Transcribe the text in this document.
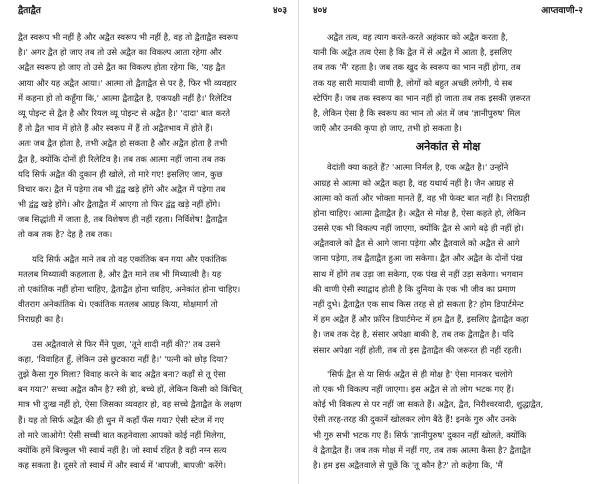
द्वैताद्वैत	४०३
द्वैत स्वरूप भी नहीं है और अद्वैत स्वरूप भी नहीं है, वह तो द्वैताद्वैत स्वरूप
है।' अगर द्वैत हो जाए तब तो उसे अद्वैत का विकल्प आता रहेगा और
अद्वैत स्वरूप हो जाए तो उसे द्वैत का विकल्प होता रहेगा कि, 'यह द्वैत
आया और यह अद्वैत आया।' आत्मा तो द्वैताद्वैत से पर है, फिर भी व्यवहार
में कहना हो तो कहूँगा कि,' आत्मा द्वैताद्वैत है, एकपक्षी नहीं है।' रिलेटिव
व्यू पोइन्ट से द्वैत है और रियल व्यू पोइन्ट से अद्वैत है।' 'दादा' बात करते
हैं तो द्वैत भाव में होते हैं और स्वरूप में हैं तो अद्वैतभाव में होते हैं।
अतः जब द्वैत होता है, तभी अद्वैत हो सकता है और अद्वैत होता है तभी
द्वैत है, क्योंकि दोनों ही रिलेटिव है। तब तक आत्मा नहीं जाना तब तक
यदि सिर्फ अद्वैत की दुकान ही खोले, तो मारे गए! इसलिए जान, कुछ
विचार कर। द्वैत में पड़ेगा तब भी द्वंद्व खड़े होंगे और अद्वैत में पड़ेगा तब
भी द्वंद्व खड़े होंगे। और द्वैताद्वैत में आएगा तो फिर द्वंद्व खड़े नहीं होंगे।
जब सिद्धांती में जाता है, तब विशेषण ही नहीं रहता। निर्विशेष! द्वैताद्वैत
तो कब तक है? देह है तब तक।
यदि सिर्फ अद्वैत माने तब तो वह एकांतिक बन गया और एकांतिक
मतलब मिथ्यात्वी कहलाता है, और द्वैत माने तब भी मिथ्यात्वी है। यह
तो एकांतिक नहीं होना चाहिए, द्वैताद्वैत होना चाहिए, अनेकांत होना चाहिए।
वीतराग अनेकांतिक थे। एकांतिक मतलब आग्रह किया, मोक्षमार्ग तो
निराग्रही का है।
उस अद्वैतवाले से फिर मैंने पूछा, 'तूने शादी नहीं की?' तब उसने
कहा, 'विवाहित हूँ, लेकिन उसे छुटकारा नहीं है।' 'पत्नी को छोड़ दिया?
तुझे कैसा गुरु मिला? विवाह करने के बाद अद्वैत बना? कहाँ से तू ऐसा
बन गया?' सच्चा अद्वैत कौन है? स्त्री हो, बच्चे हों, लेकिन किसी को किंचित्
मात्र भी दुःख नहीं हो, ऐसा जिसका व्यवहार हो, वह सच्चे द्वैताद्वैत के लक्षण
हैं। यह तो सिर्फ अद्वैत की ही धुन में कहाँ फँस गया? ऐसी स्टेज में गए
तो मारे जाओगे! ऐसी सच्ची बात कहनेवाला आपको कोई नहीं मिलेगा,
क्योंकि हमें बिल्कुल भी स्वार्थ नहीं है। जो स्वार्थ रहित है वही नग्न सत्य
कह सकता है। दूसरे तो स्वार्थ में और स्वार्थ में 'बापजी, बापजी' करेंगे।
४०४	आप्तवाणी-२
अद्वैत तत्व, वह त्याग करते-करते अहंकार को अद्वैत करता है,
यानी कि अद्वैत तत्व ऐसा है कि द्वैत में से अद्वैत में आता है, इसलिए
तब तक 'मैं' रहता है। जब तक खुद के स्वरूप का भान नहीं होगा, तब
तक यह सारी मायावी वाणी है, लोगों को बहुत अच्छी लगेगी, ये सब
स्टेपिंग हैं। जब तक स्वरूप का भान नहीं हो जाता तब तक इसकी ज़रूरत
है, लेकिन ऐसा है कि स्वरूप का भान तो अंत में जब 'ज्ञानीपुरुष' मिल
जाएँ और उनकी कृपा हो जाए, तभी हो सकता है।
अनेकांत से मोक्ष
वेदांती क्या कहते हैं? 'आत्मा निर्मल है, एक अद्वैत है।' उन्होंने
आग्रह से आत्मा को अद्वैत कहा है, वह यथार्थ नहीं है। जैन आग्रह से
आत्मा को कर्ता और भोक्ता मानते हैं, वह भी फेक्ट बात नहीं है। निराग्रही
होना चाहिए। आत्मा द्वैताद्वैत है। अद्वैत से मोक्ष है, ऐसा कहते हो, लेकिन
उससे एक भी विकल्प नहीं जाएगा, क्योंकि द्वैत से आगे बढ़े ही नहीं हो।
अद्वैतवाले को द्वैत से आगे जाना पड़ेगा और द्वैतवाले को अद्वैत से आगे
जाना पड़ेगा, तब द्वैताद्वैत हुआ जा सकेगा। द्वैत और अद्वैत के दोनों पंख
साथ में होंगे तब उड़ा जा सकेगा, एक पंख से नहीं उड़ा सकेगा। भगवान
की वाणी ऐसी स्याद्वाद होती है कि दुनिया के एक भी जीव का प्रमाण
नहीं दुभे। द्वैताद्वैत एक साथ किस तरह से हो सकता है? होम डिपार्टमेन्ट
में हम अद्वैत हैं और फ़ॉरेन डिपार्टमेन्ट में हम द्वैत हैं, इसलिए द्वैताद्वैत कहा
है। जब तक देह है, संसार अपेक्षा बाकी है, तब तक द्वैताद्वैत है। यदि
संसार अपेक्षा नहीं होती, तब तो इस द्वैताद्वैत की जरूरत ही नहीं रहती।
'सिर्फ द्वैत से या सिर्फ अद्वैत से ही मोक्ष है' ऐसा मानकर चलोगे
तो एक भी विकल्प नहीं जाएगा। इस अद्वैत से तो लोग भटक गए हैं।
कोई भी विकल्प से पर नहीं जा सकते हैं। अद्वैत, द्वैत, निरीश्वरवादी, शुद्धाद्वैत,
ऐसी तरह-तरह की दुकानें खोलकर लोग बैठे हैं! इनके गुरु और उनके
भी गुरु सभी भटक गए हैं। सिर्फ 'ज्ञानीपुरुष' दुकान नहीं खोलते, क्योंकि
वे द्वैताद्वैत हैं। जब तक मोक्ष में नहीं गए, तब तक आत्मा कैसा है? द्वैताद्वैत
है। हम इस अद्वैतवाले से पूछें कि 'तू कौन है?' तो कहेगा कि, 'मैं
